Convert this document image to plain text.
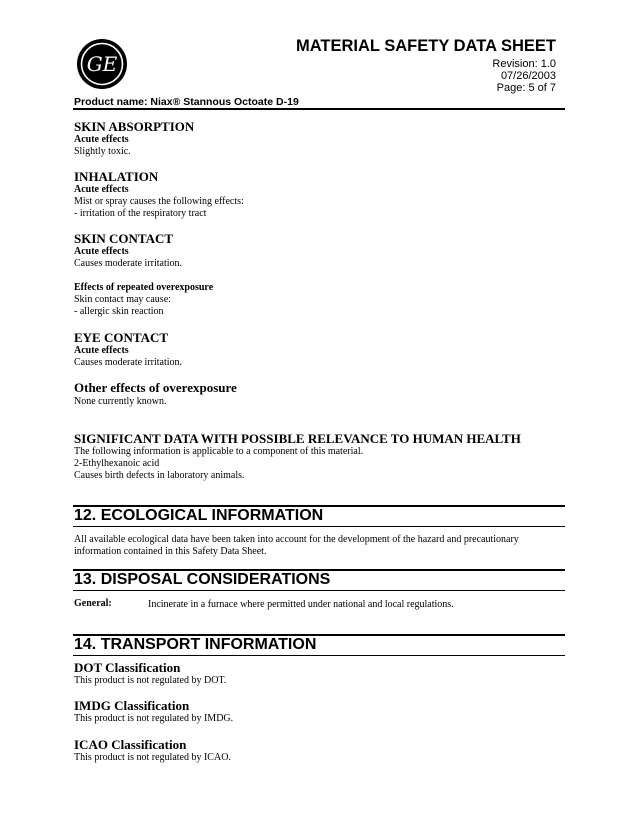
GE
MATERIAL SAFETY DATA SHEET
Revision: 1.0
07/26/2003
Page: 5 of 7
Product name: Niax® Stannous Octoate D-19
SKIN ABSORPTION
Acute effects
Slightly toxic.
INHALATION
Acute effects
Mist or spray causes the following effects:
- irritation of the respiratory tract
SKIN CONTACT
Acute effects
Causes moderate irritation.
Effects of repeated overexposure
Skin contact may cause:
- allergic skin reaction
EYE CONTACT
Acute effects
Causes moderate irritation.
Other effects of overexposure
None currently known.
SIGNIFICANT DATA WITH POSSIBLE RELEVANCE TO HUMAN HEALTH
The following information is applicable to a component of this material.
2-Ethylhexanoic acid
Causes birth defects in laboratory animals.
12. ECOLOGICAL INFORMATION
All available ecological data have been taken into account for the development of the hazard and precautionary
information contained in this Safety Data Sheet.
13. DISPOSAL CONSIDERATIONS
General:	Incinerate in a furnace where permitted under national and local regulations.
14. TRANSPORT INFORMATION
DOT Classification
This product is not regulated by DOT.
IMDG Classification
This product is not regulated by IMDG.
ICAO Classification
This product is not regulated by ICAO.
